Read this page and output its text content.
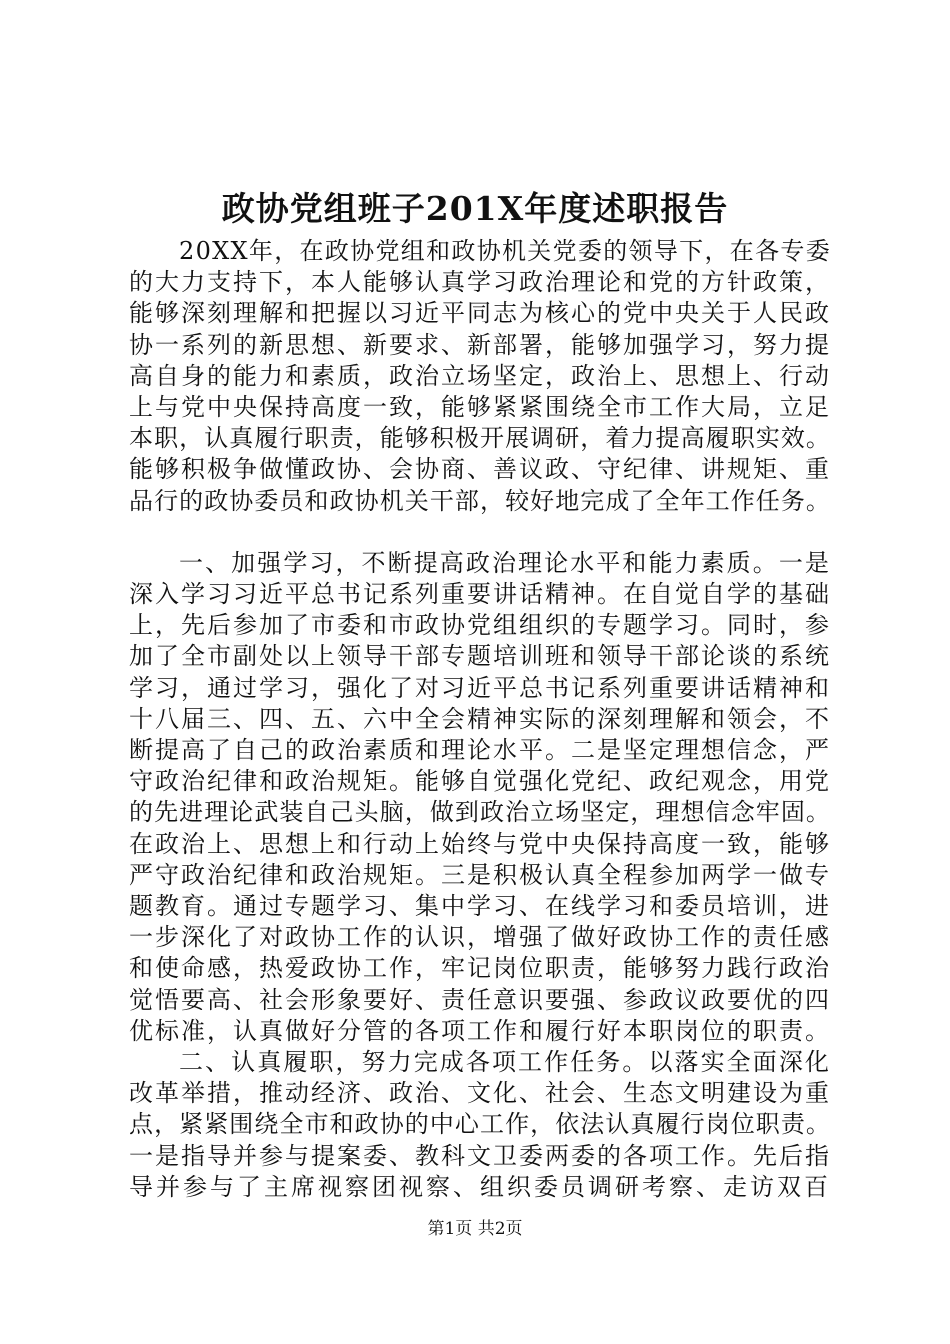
政协党组班子201X年度述职报告
20XX年，在政协党组和政协机关党委的领导下，在各专委
的大力支持下，本人能够认真学习政治理论和党的方针政策，
能够深刻理解和把握以习近平同志为核心的党中央关于人民政
协一系列的新思想、新要求、新部署，能够加强学习，努力提
高自身的能力和素质，政治立场坚定，政治上、思想上、行动
上与党中央保持高度一致，能够紧紧围绕全市工作大局，立足
本职，认真履行职责，能够积极开展调研，着力提高履职实效。
能够积极争做懂政协、会协商、善议政、守纪律、讲规矩、重
品行的政协委员和政协机关干部，较好地完成了全年工作任务。
一、加强学习，不断提高政治理论水平和能力素质。一是
深入学习习近平总书记系列重要讲话精神。在自觉自学的基础
上，先后参加了市委和市政协党组组织的专题学习。同时，参
加了全市副处以上领导干部专题培训班和领导干部论谈的系统
学习，通过学习，强化了对习近平总书记系列重要讲话精神和
十八届三、四、五、六中全会精神实际的深刻理解和领会，不
断提高了自己的政治素质和理论水平。二是坚定理想信念，严
守政治纪律和政治规矩。能够自觉强化党纪、政纪观念，用党
的先进理论武装自己头脑，做到政治立场坚定，理想信念牢固。
在政治上、思想上和行动上始终与党中央保持高度一致，能够
严守政治纪律和政治规矩。三是积极认真全程参加两学一做专
题教育。通过专题学习、集中学习、在线学习和委员培训，进
一步深化了对政协工作的认识，增强了做好政协工作的责任感
和使命感，热爱政协工作，牢记岗位职责，能够努力践行政治
觉悟要高、社会形象要好、责任意识要强、参政议政要优的四
优标准，认真做好分管的各项工作和履行好本职岗位的职责。
二、认真履职，努力完成各项工作任务。以落实全面深化
改革举措，推动经济、政治、文化、社会、生态文明建设为重
点，紧紧围绕全市和政协的中心工作，依法认真履行岗位职责。
一是指导并参与提案委、教科文卫委两委的各项工作。先后指
导并参与了主席视察团视察、组织委员调研考察、走访双百
第1页 共2页
